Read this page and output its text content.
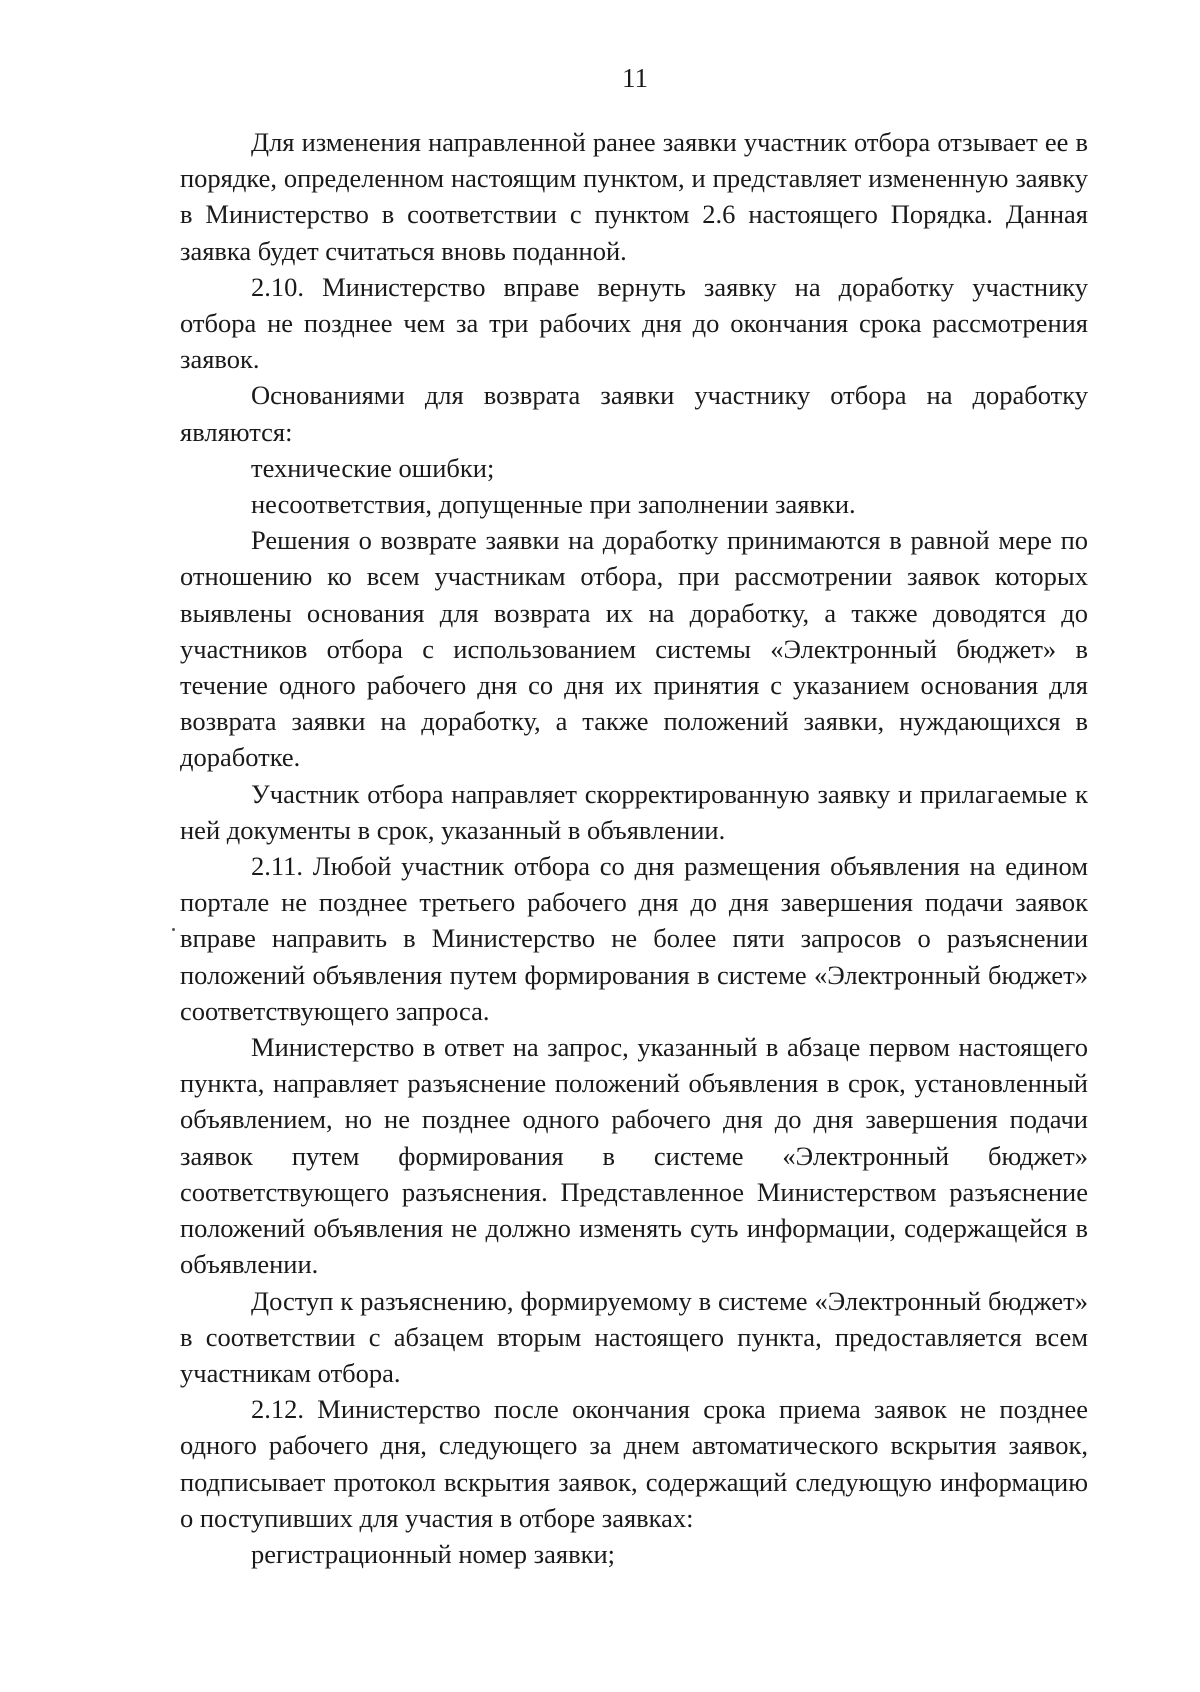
11

Для изменения направленной ранее заявки участник отбора отзывает ее в порядке, определенном настоящим пунктом, и представляет измененную заявку в Министерство в соответствии с пунктом 2.6 настоящего Порядка. Данная заявка будет считаться вновь поданной.

2.10. Министерство вправе вернуть заявку на доработку участнику отбора не позднее чем за три рабочих дня до окончания срока рассмотрения заявок.

Основаниями для возврата заявки участнику отбора на доработку являются:

технические ошибки;

несоответствия, допущенные при заполнении заявки.

Решения о возврате заявки на доработку принимаются в равной мере по отношению ко всем участникам отбора, при рассмотрении заявок которых выявлены основания для возврата их на доработку, а также доводятся до участников отбора с использованием системы «Электронный бюджет» в течение одного рабочего дня со дня их принятия с указанием основания для возврата заявки на доработку, а также положений заявки, нуждающихся в доработке.

Участник отбора направляет скорректированную заявку и прилагаемые к ней документы в срок, указанный в объявлении.

2.11. Любой участник отбора со дня размещения объявления на едином портале не позднее третьего рабочего дня до дня завершения подачи заявок вправе направить в Министерство не более пяти запросов о разъяснении положений объявления путем формирования в системе «Электронный бюджет» соответствующего запроса.

Министерство в ответ на запрос, указанный в абзаце первом настоящего пункта, направляет разъяснение положений объявления в срок, установленный объявлением, но не позднее одного рабочего дня до дня завершения подачи заявок путем формирования в системе «Электронный бюджет» соответствующего разъяснения. Представленное Министерством разъяснение положений объявления не должно изменять суть информации, содержащейся в объявлении.

Доступ к разъяснению, формируемому в системе «Электронный бюджет» в соответствии с абзацем вторым настоящего пункта, предоставляется всем участникам отбора.

2.12. Министерство после окончания срока приема заявок не позднее одного рабочего дня, следующего за днем автоматического вскрытия заявок, подписывает протокол вскрытия заявок, содержащий следующую информацию о поступивших для участия в отборе заявках:

регистрационный номер заявки;
